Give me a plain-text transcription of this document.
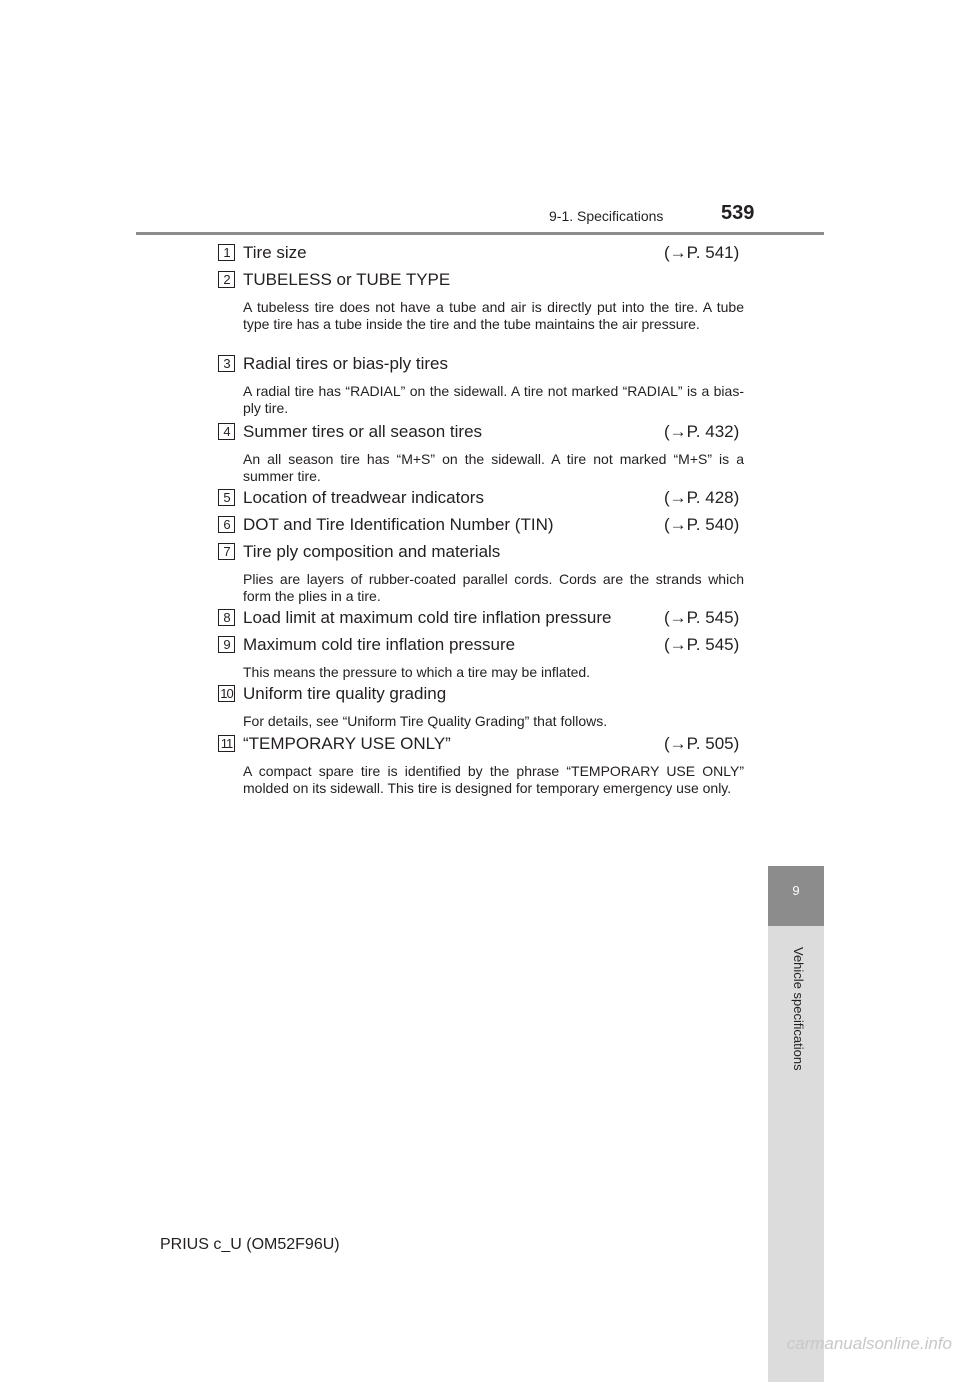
9-1. Specifications	539
1 Tire size	(→P. 541)
2 TUBELESS or TUBE TYPE
A tubeless tire does not have a tube and air is directly put into the tire. A tube type tire has a tube inside the tire and the tube maintains the air pressure.
3 Radial tires or bias-ply tires
A radial tire has “RADIAL” on the sidewall. A tire not marked “RADIAL” is a bias-ply tire.
4 Summer tires or all season tires	(→P. 432)
An all season tire has “M+S” on the sidewall. A tire not marked “M+S” is a summer tire.
5 Location of treadwear indicators	(→P. 428)
6 DOT and Tire Identification Number (TIN)	(→P. 540)
7 Tire ply composition and materials
Plies are layers of rubber-coated parallel cords. Cords are the strands which form the plies in a tire.
8 Load limit at maximum cold tire inflation pressure	(→P. 545)
9 Maximum cold tire inflation pressure	(→P. 545)
This means the pressure to which a tire may be inflated.
10 Uniform tire quality grading
For details, see “Uniform Tire Quality Grading” that follows.
11 “TEMPORARY USE ONLY”	(→P. 505)
A compact spare tire is identified by the phrase “TEMPORARY USE ONLY” molded on its sidewall. This tire is designed for temporary emergency use only.
9
Vehicle specifications
PRIUS c_U (OM52F96U)
carmanualsonline.info
